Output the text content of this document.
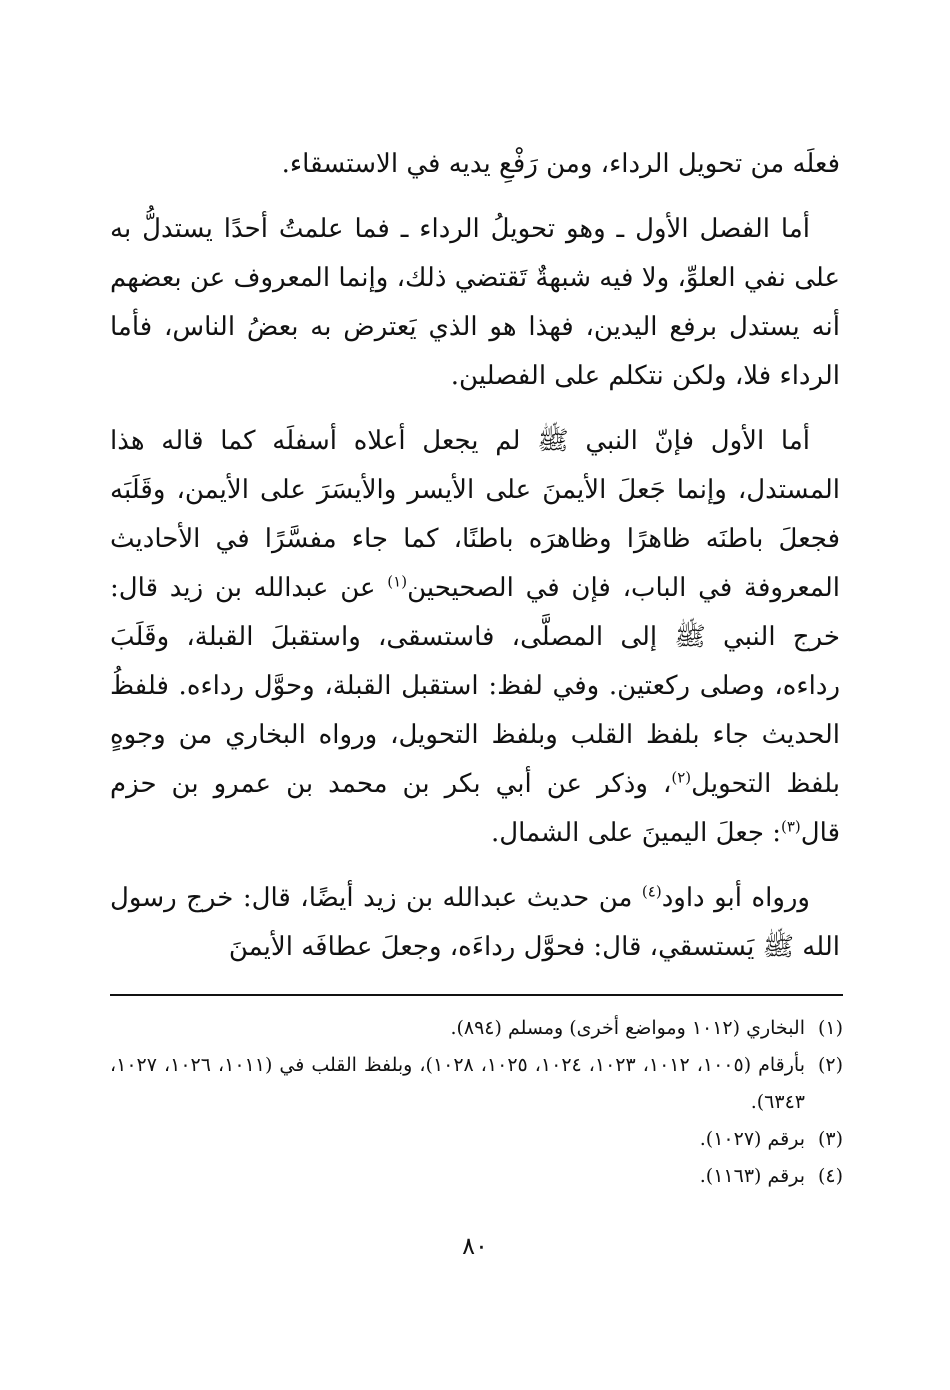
فعلَه من تحويل الرداء، ومن رَفْعِ يديه في الاستسقاء.

أما الفصل الأول ـ وهو تحويلُ الرداء ـ فما علمتُ أحدًا يستدلُّ به على نفي العلوِّ، ولا فيه شبهةٌ تَقتضي ذلك، وإنما المعروف عن بعضهم أنه يستدل برفع اليدين، فهذا هو الذي يَعترض به بعضُ الناس، فأما الرداء فلا، ولكن نتكلم على الفصلين.

أما الأول فإنّ النبي ﷺ لم يجعل أعلاه أسفلَه كما قاله هذا المستدل، وإنما جَعلَ الأيمنَ على الأيسر والأيسَرَ على الأيمن، وقَلَبَه فجعلَ باطنَه ظاهرًا وظاهرَه باطنًا، كما جاء مفسَّرًا في الأحاديث المعروفة في الباب، فإن في الصحيحين$^{(١)}$ عن عبدالله بن زيد قال: خرج النبي ﷺ إلى المصلَّى، فاستسقى، واستقبلَ القبلة، وقَلَبَ رداءه، وصلى ركعتين. وفي لفظ: استقبل القبلة، وحوَّل رداءه. فلفظُ الحديث جاء بلفظ القلب وبلفظ التحويل، ورواه البخاري من وجوهٍ بلفظ التحويل$^{(٢)}$، وذكر عن أبي بكر بن محمد بن عمرو بن حزم قال$^{(٣)}$: جعلَ اليمينَ على الشمال.

ورواه أبو داود$^{(٤)}$ من حديث عبدالله بن زيد أيضًا، قال: خرج رسول الله ﷺ يَستسقي، قال: فحوَّل رداءَه، وجعلَ عطافَه الأيمنَ

(١)
البخاري (١٠١٢ ومواضع أخرى) ومسلم (٨٩٤).
(٢)
بأرقام (١٠٠٥، ١٠١٢، ١٠٢٣، ١٠٢٤، ١٠٢٥، ١٠٢٨)، وبلفظ القلب في (١٠١١، ١٠٢٦، ١٠٢٧، ٦٣٤٣).
(٣)
برقم (١٠٢٧).
(٤)
برقم (١١٦٣).
٨٠
